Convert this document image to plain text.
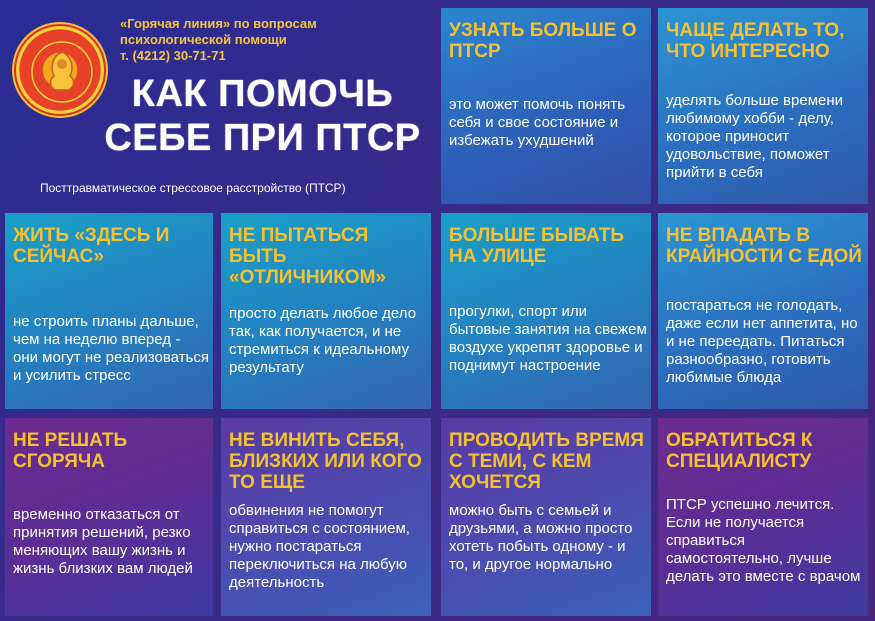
«Горячая линия» по вопросам
психологической помощи
т. (4212) 30-71-71
КАК ПОМОЧЬ
СЕБЕ ПРИ ПТСР
Посттравматическое стрессовое расстройство (ПТСР)
УЗНАТЬ БОЛЬШЕ О ПТСР

это может помочь понять себя и свое состояние и избежать ухудшений

ЧАЩЕ ДЕЛАТЬ ТО, ЧТО ИНТЕРЕСНО

уделять больше времени любимому хобби - делу, которое приносит удовольствие, поможет прийти в себя

ЖИТЬ «ЗДЕСЬ И СЕЙЧАС»

не строить планы дальше, чем на неделю вперед - они могут не реализоваться и усилить стресс

НЕ ПЫТАТЬСЯ БЫТЬ «ОТЛИЧНИКОМ»

просто делать любое дело так, как получается, и не стремиться к идеальному результату

БОЛЬШЕ БЫВАТЬ НА УЛИЦЕ

прогулки, спорт или бытовые занятия на свежем воздухе укрепят здоровье и поднимут настроение

НЕ ВПАДАТЬ В КРАЙНОСТИ С ЕДОЙ

постараться не голодать, даже если нет аппетита, но и не переедать. Питаться разнообразно, готовить любимые блюда

НЕ РЕШАТЬ СГОРЯЧА

временно отказаться от принятия решений, резко меняющих вашу жизнь и жизнь близких вам людей

НЕ ВИНИТЬ СЕБЯ, БЛИЗКИХ ИЛИ КОГО ТО ЕЩЕ

обвинения не помогут справиться с состоянием, нужно постараться переключиться на любую деятельность

ПРОВОДИТЬ ВРЕМЯ С ТЕМИ, С КЕМ ХОЧЕТСЯ

можно быть с семьей и друзьями, а можно просто хотеть побыть одному - и то, и другое нормально

ОБРАТИТЬСЯ К СПЕЦИАЛИСТУ

ПТСР успешно лечится. Если не получается справиться самостоятельно, лучше делать это вместе с врачом
